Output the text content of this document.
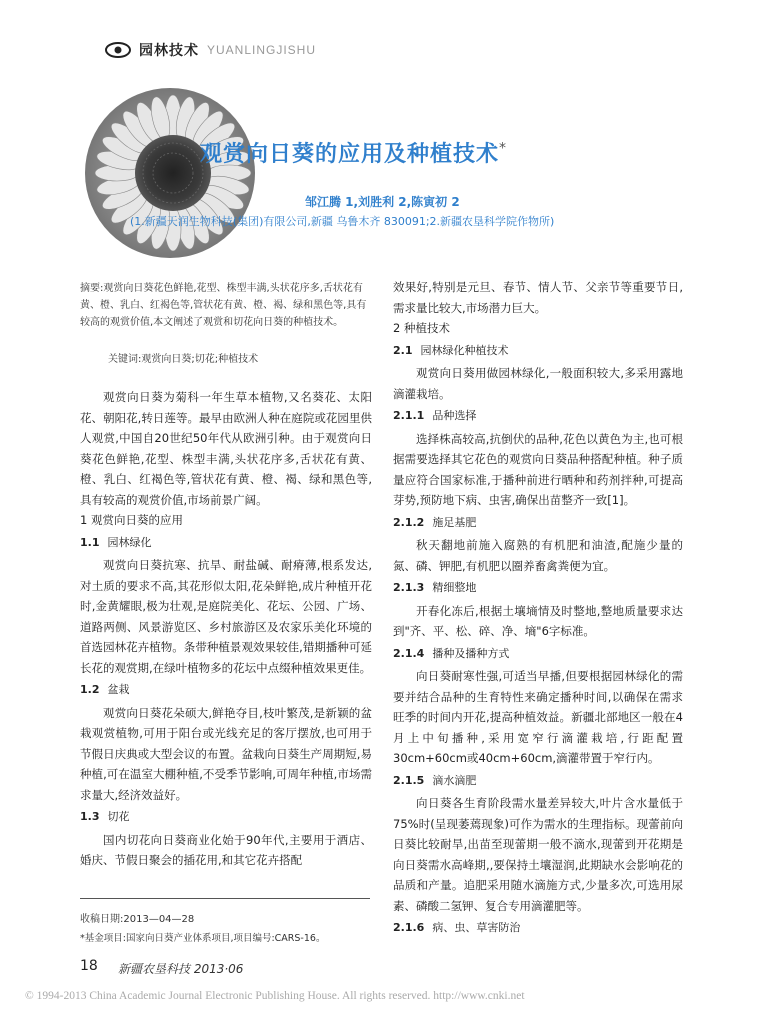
园林技术 YUANLINGJISHU
观赏向日葵的应用及种植技术*
邹江腾 1,刘胜利 2,陈寅初 2
(1.新疆天润生物科技(集团)有限公司,新疆 乌鲁木齐 830091;2.新疆农垦科学院作物所)
摘要:观赏向日葵花色鲜艳,花型、株型丰满,头状花序多,舌状花有黄、橙、乳白、红褐色等,管状花有黄、橙、褐、绿和黑色等,具有较高的观赏价值,本文阐述了观赏和切花向日葵的种植技术。
关键词:观赏向日葵;切花;种植技术

观赏向日葵为菊科一年生草本植物,又名葵花、太阳花、朝阳花,转日莲等。最早由欧洲人种在庭院或花园里供人观赏,中国自20世纪50年代从欧洲引种。由于观赏向日葵花色鲜艳,花型、株型丰满,头状花序多,舌状花有黄、橙、乳白、红褐色等,管状花有黄、橙、褐、绿和黑色等,具有较高的观赏价值,市场前景广阔。

1 观赏向日葵的应用

1.1 园林绿化

观赏向日葵抗寒、抗旱、耐盐碱、耐瘠薄,根系发达,对土质的要求不高,其花形似太阳,花朵鲜艳,成片种植开花时,金黄耀眼,极为壮观,是庭院美化、花坛、公园、广场、道路两侧、风景游览区、乡村旅游区及农家乐美化环境的首选园林花卉植物。条带种植景观效果较佳,错期播种可延长花的观赏期,在绿叶植物多的花坛中点缀种植效果更佳。

1.2 盆栽

观赏向日葵花朵硕大,鲜艳夺目,枝叶繁茂,是新颖的盆栽观赏植物,可用于阳台或光线充足的客厅摆放,也可用于节假日庆典或大型会议的布置。盆栽向日葵生产周期短,易种植,可在温室大棚种植,不受季节影响,可周年种植,市场需求量大,经济效益好。

1.3 切花

国内切花向日葵商业化始于90年代,主要用于酒店、婚庆、节假日聚会的插花用,和其它花卉搭配

效果好,特别是元旦、春节、情人节、父亲节等重要节日,需求量比较大,市场潜力巨大。

2 种植技术

2.1 园林绿化种植技术

观赏向日葵用做园林绿化,一般面积较大,多采用露地滴灌栽培。

2.1.1 品种选择

选择株高较高,抗倒伏的品种,花色以黄色为主,也可根据需要选择其它花色的观赏向日葵品种搭配种植。种子质量应符合国家标准,于播种前进行晒种和药剂拌种,可提高芽势,预防地下病、虫害,确保出苗整齐一致[1]。

2.1.2 施足基肥

秋天翻地前施入腐熟的有机肥和油渣,配施少量的氮、磷、钾肥,有机肥以圈养畜禽粪便为宜。

2.1.3 精细整地

开春化冻后,根据土壤墒情及时整地,整地质量要求达到"齐、平、松、碎、净、墒"6字标准。

2.1.4 播种及播种方式

向日葵耐寒性强,可适当早播,但要根据园林绿化的需要并结合品种的生育特性来确定播种时间,以确保在需求旺季的时间内开花,提高种植效益。新疆北部地区一般在4月上中旬播种,采用宽窄行滴灌栽培,行距配置30cm+60cm或40cm+60cm,滴灌带置于窄行内。

2.1.5 滴水滴肥

向日葵各生育阶段需水量差异较大,叶片含水量低于75%时(呈现萎蔫现象)可作为需水的生理指标。现蕾前向日葵比较耐旱,出苗至现蕾期一般不滴水,现蕾到开花期是向日葵需水高峰期,,要保持土壤湿润,此期缺水会影响花的品质和产量。追肥采用随水滴施方式,少量多次,可选用尿素、磷酸二氢钾、复合专用滴灌肥等。

2.1.6 病、虫、草害防治

收稿日期:2013—04—28
*基金项目:国家向日葵产业体系项目,项目编号:CARS-16。
18 新疆农垦科技 2013·06
© 1994-2013 China Academic Journal Electronic Publishing House. All rights reserved. http://www.cnki.net
